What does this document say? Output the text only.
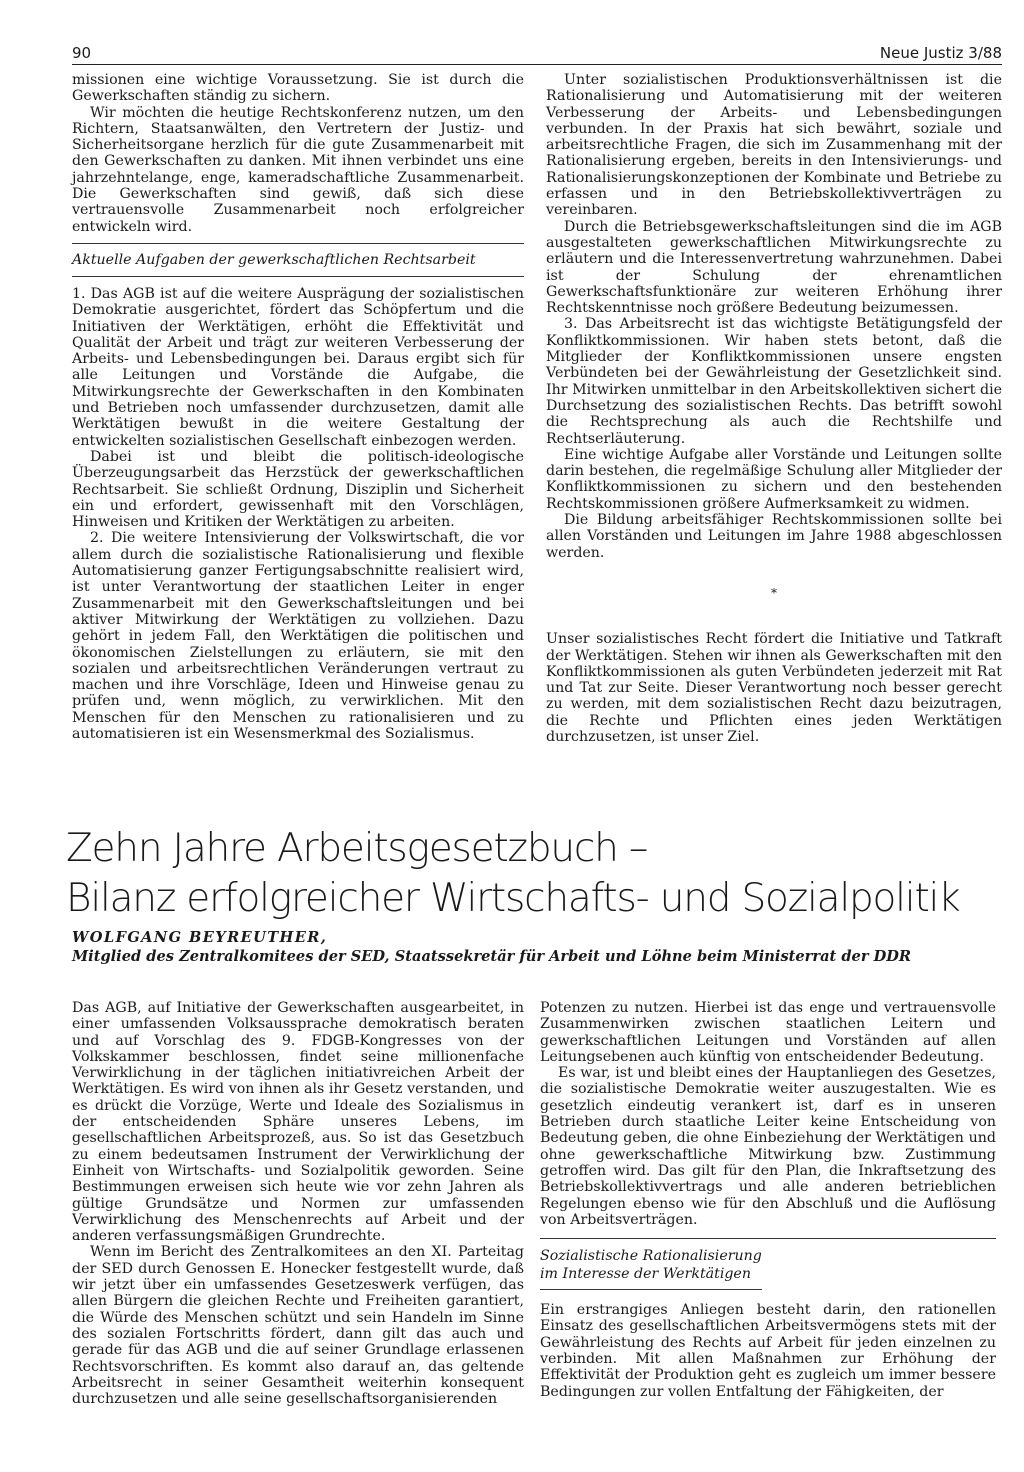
90	Neue Justiz 3/88

missionen eine wichtige Voraussetzung. Sie ist durch die Gewerkschaften ständig zu sichern.

Wir möchten die heutige Rechtskonferenz nutzen, um den Richtern, Staatsanwälten, den Vertretern der Justiz- und Sicherheitsorgane herzlich für die gute Zusammenarbeit mit den Gewerkschaften zu danken. Mit ihnen verbindet uns eine jahrzehntelange, enge, kameradschaftliche Zusammenarbeit. Die Gewerkschaften sind gewiß, daß sich diese vertrauensvolle Zusammenarbeit noch erfolgreicher entwickeln wird.

Aktuelle Aufgaben der gewerkschaftlichen Rechtsarbeit

1. Das AGB ist auf die weitere Ausprägung der sozialistischen Demokratie ausgerichtet, fördert das Schöpfertum und die Initiativen der Werktätigen, erhöht die Effektivität und Qualität der Arbeit und trägt zur weiteren Verbesserung der Arbeits- und Lebensbedingungen bei. Daraus ergibt sich für alle Leitungen und Vorstände die Aufgabe, die Mitwirkungsrechte der Gewerkschaften in den Kombinaten und Betrieben noch umfassender durchzusetzen, damit alle Werktätigen bewußt in die weitere Gestaltung der entwickelten sozialistischen Gesellschaft einbezogen werden.

Dabei ist und bleibt die politisch-ideologische Überzeugungsarbeit das Herzstück der gewerkschaftlichen Rechtsarbeit. Sie schließt Ordnung, Disziplin und Sicherheit ein und erfordert, gewissenhaft mit den Vorschlägen, Hinweisen und Kritiken der Werktätigen zu arbeiten.

2. Die weitere Intensivierung der Volkswirtschaft, die vor allem durch die sozialistische Rationalisierung und flexible Automatisierung ganzer Fertigungsabschnitte realisiert wird, ist unter Verantwortung der staatlichen Leiter in enger Zusammenarbeit mit den Gewerkschaftsleitungen und bei aktiver Mitwirkung der Werktätigen zu vollziehen. Dazu gehört in jedem Fall, den Werktätigen die politischen und ökonomischen Zielstellungen zu erläutern, sie mit den sozialen und arbeitsrechtlichen Veränderungen vertraut zu machen und ihre Vorschläge, Ideen und Hinweise genau zu prüfen und, wenn möglich, zu verwirklichen. Mit den Menschen für den Menschen zu rationalisieren und zu automatisieren ist ein Wesensmerkmal des Sozialismus.

Unter sozialistischen Produktionsverhältnissen ist die Rationalisierung und Automatisierung mit der weiteren Verbesserung der Arbeits- und Lebensbedingungen verbunden. In der Praxis hat sich bewährt, soziale und arbeitsrechtliche Fragen, die sich im Zusammenhang mit der Rationalisierung ergeben, bereits in den Intensivierungs- und Rationalisierungskonzeptionen der Kombinate und Betriebe zu erfassen und in den Betriebskollektivverträgen zu vereinbaren.

Durch die Betriebsgewerkschaftsleitungen sind die im AGB ausgestalteten gewerkschaftlichen Mitwirkungsrechte zu erläutern und die Interessenvertretung wahrzunehmen. Dabei ist der Schulung der ehrenamtlichen Gewerkschaftsfunktionäre zur weiteren Erhöhung ihrer Rechtskenntnisse noch größere Bedeutung beizumessen.

3. Das Arbeitsrecht ist das wichtigste Betätigungsfeld der Konfliktkommissionen. Wir haben stets betont, daß die Mitglieder der Konfliktkommissionen unsere engsten Verbündeten bei der Gewährleistung der Gesetzlichkeit sind. Ihr Mitwirken unmittelbar in den Arbeitskollektiven sichert die Durchsetzung des sozialistischen Rechts. Das betrifft sowohl die Rechtsprechung als auch die Rechtshilfe und Rechtserläuterung.

Eine wichtige Aufgabe aller Vorstände und Leitungen sollte darin bestehen, die regelmäßige Schulung aller Mitglieder der Konfliktkommissionen zu sichern und den bestehenden Rechtskommissionen größere Aufmerksamkeit zu widmen.

Die Bildung arbeitsfähiger Rechtskommissionen sollte bei allen Vorständen und Leitungen im Jahre 1988 abgeschlossen werden.

*

Unser sozialistisches Recht fördert die Initiative und Tatkraft der Werktätigen. Stehen wir ihnen als Gewerkschaften mit den Konfliktkommissionen als guten Verbündeten jederzeit mit Rat und Tat zur Seite. Dieser Verantwortung noch besser gerecht zu werden, mit dem sozialistischen Recht dazu beizutragen, die Rechte und Pflichten eines jeden Werktätigen durchzusetzen, ist unser Ziel.

Zehn Jahre Arbeitsgesetzbuch –
Bilanz erfolgreicher Wirtschafts- und Sozialpolitik
WOLFGANG BEYREUTHER,
Mitglied des Zentralkomitees der SED, Staatssekretär für Arbeit und Löhne beim Ministerrat der DDR

Das AGB, auf Initiative der Gewerkschaften ausgearbeitet, in einer umfassenden Volksaussprache demokratisch beraten und auf Vorschlag des 9. FDGB-Kongresses von der Volkskammer beschlossen, findet seine millionenfache Verwirklichung in der täglichen initiativreichen Arbeit der Werktätigen. Es wird von ihnen als ihr Gesetz verstanden, und es drückt die Vorzüge, Werte und Ideale des Sozialismus in der entscheidenden Sphäre unseres Lebens, im gesellschaftlichen Arbeitsprozeß, aus. So ist das Gesetzbuch zu einem bedeutsamen Instrument der Verwirklichung der Einheit von Wirtschafts- und Sozialpolitik geworden. Seine Bestimmungen erweisen sich heute wie vor zehn Jahren als gültige Grundsätze und Normen zur umfassenden Verwirklichung des Menschenrechts auf Arbeit und der anderen verfassungsmäßigen Grundrechte.

Wenn im Bericht des Zentralkomitees an den XI. Parteitag der SED durch Genossen E. Honecker festgestellt wurde, daß wir jetzt über ein umfassendes Gesetzeswerk verfügen, das allen Bürgern die gleichen Rechte und Freiheiten garantiert, die Würde des Menschen schützt und sein Handeln im Sinne des sozialen Fortschritts fördert, dann gilt das auch und gerade für das AGB und die auf seiner Grundlage erlassenen Rechtsvorschriften. Es kommt also darauf an, das geltende Arbeitsrecht in seiner Gesamtheit weiterhin konsequent durchzusetzen und alle seine gesellschaftsorganisierenden

Potenzen zu nutzen. Hierbei ist das enge und vertrauensvolle Zusammenwirken zwischen staatlichen Leitern und gewerkschaftlichen Leitungen und Vorständen auf allen Leitungsebenen auch künftig von entscheidender Bedeutung.

Es war, ist und bleibt eines der Hauptanliegen des Gesetzes, die sozialistische Demokratie weiter auszugestalten. Wie es gesetzlich eindeutig verankert ist, darf es in unseren Betrieben durch staatliche Leiter keine Entscheidung von Bedeutung geben, die ohne Einbeziehung der Werktätigen und ohne gewerkschaftliche Mitwirkung bzw. Zustimmung getroffen wird. Das gilt für den Plan, die Inkraftsetzung des Betriebskollektivvertrags und alle anderen betrieblichen Regelungen ebenso wie für den Abschluß und die Auflösung von Arbeitsverträgen.

Sozialistische Rationalisierung
im Interesse der Werktätigen

Ein erstrangiges Anliegen besteht darin, den rationellen Einsatz des gesellschaftlichen Arbeitsvermögens stets mit der Gewährleistung des Rechts auf Arbeit für jeden einzelnen zu verbinden. Mit allen Maßnahmen zur Erhöhung der Effektivität der Produktion geht es zugleich um immer bessere Bedingungen zur vollen Entfaltung der Fähigkeiten, der
